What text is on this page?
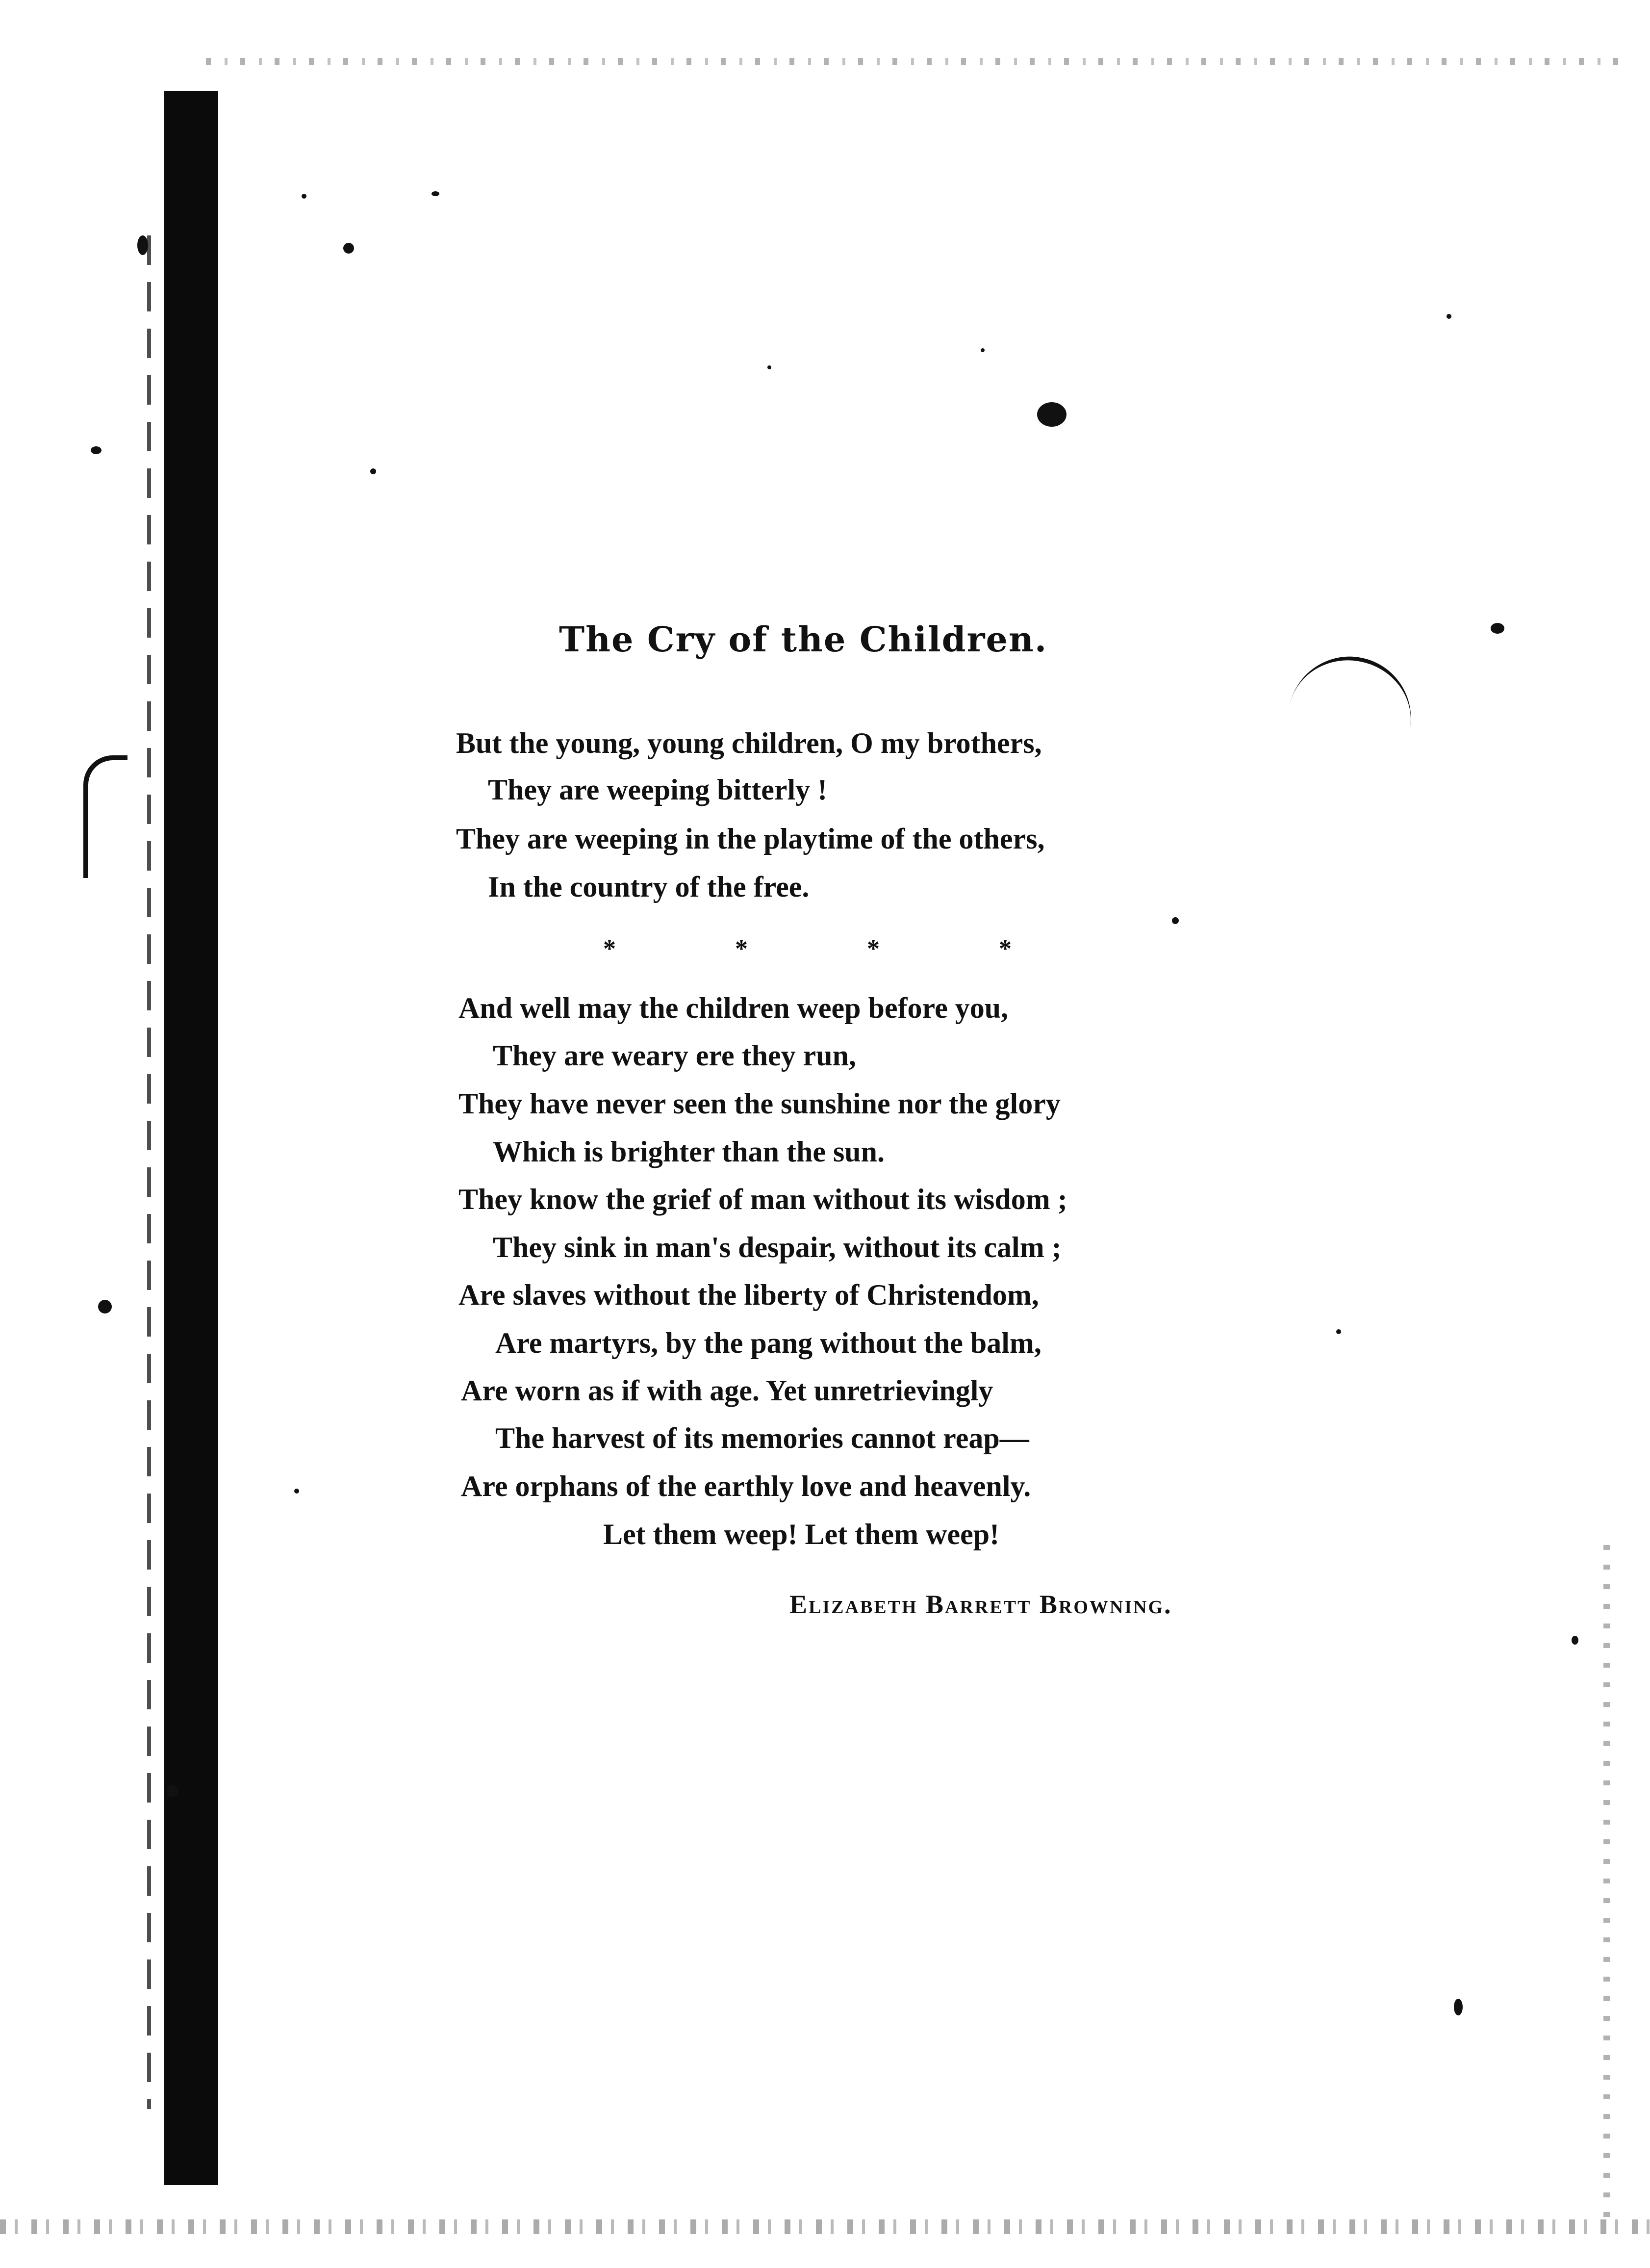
The Cry of the Children.
But the young, young children, O my brothers,
They are weeping bitterly !
They are weeping in the playtime of the others,
In the country of the free.
* * * *
And well may the children weep before you,
They are weary ere they run,
They have never seen the sunshine nor the glory
Which is brighter than the sun.
They know the grief of man without its wisdom ;
They sink in man's despair, without its calm ;
Are slaves without the liberty of Christendom,
Are martyrs, by the pang without the balm,
Are worn as if with age. Yet unretrievingly
The harvest of its memories cannot reap—
Are orphans of the earthly love and heavenly.
Let them weep! Let them weep!
Elizabeth Barrett Browning.
